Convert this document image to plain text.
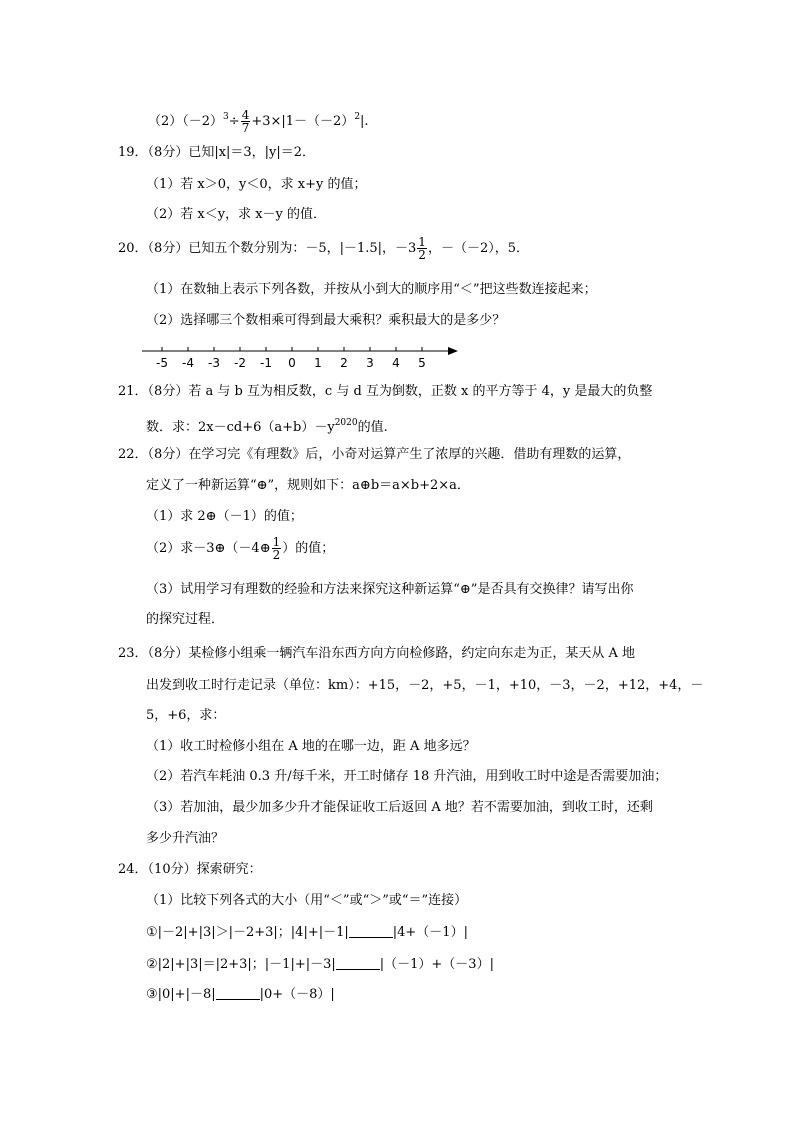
$(2)(-2)^3\div \frac{4}{7} +3\times|1-(-2)^2|$.
19．（8分）已知|x|＝3，|y|＝2．
（1）若 x＞0，y＜0，求 x+y 的值；
（2）若 x＜y，求 x－y 的值．
20．（8分）已知五个数分别为：－5，|－1.5|，$-3 \frac{1}{2}$ ，－（－2），5．
（1）在数轴上表示下列各数，并按从小到大的顺序用“＜”把这些数连接起来；
（2）选择哪三个数相乘可得到最大乘积？乘积最大的是多少？
-5 -4 -3 -2 -1 0 1 2 3 4 5
21．（8分）若 a 与 b 互为相反数，c 与 d 互为倒数，正数 x 的平方等于 4，y 是最大的负整
数．求：$2x-cd+6(a+b)-y^{2020}$的值.
22．（8分）在学习完《有理数》后，小奇对运算产生了浓厚的兴趣．借助有理数的运算，
定义了一种新运算“⊕”，规则如下：a⊕b＝a×b+2×a．
（1）求 2⊕（－1）的值；
（2）求－3⊕（－4⊕ $\frac{1}{2}$ ）的值；
（3）试用学习有理数的经验和方法来探究这种新运算“⊕”是否具有交换律？请写出你
的探究过程．
23．（8分）某检修小组乘一辆汽车沿东西方向方向检修路，约定向东走为正，某天从 A 地
出发到收工时行走记录（单位：km）：+15，－2，+5，－1，+10，－3，－2，+12，+4，－
5，+6，求：
（1）收工时检修小组在 A 地的在哪一边，距 A 地多远？
（2）若汽车耗油 0.3 升/每千米，开工时储存 18 升汽油，用到收工时中途是否需要加油；
（3）若加油，最少加多少升才能保证收工后返回 A 地？若不需要加油，到收工时，还剩
多少升汽油？
24．（10分）探索研究：
（1）比较下列各式的大小（用“＜”或“＞”或“＝”连接）
①|－2|+|3|＞|－2+3|；|4|+|－1|	|4+（－1）|
②|2|+|3|＝|2+3|；|－1|+|－3|	|（－1）+（－3）|
③|0|+|－8|	|0+（－8）|
